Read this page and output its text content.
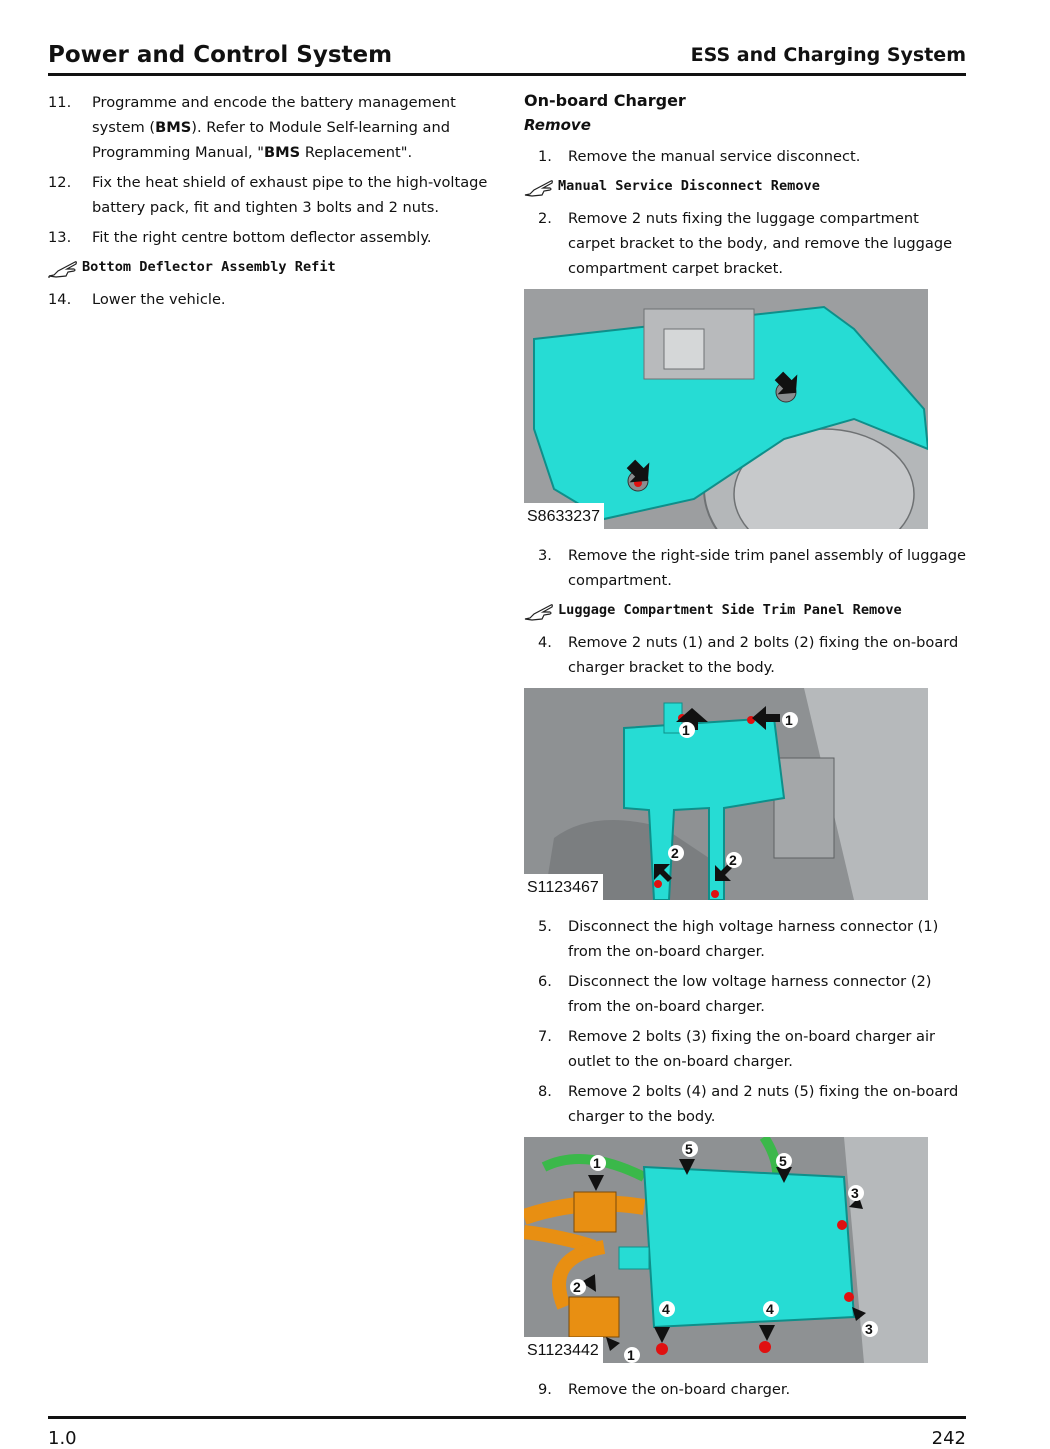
Power and Control System	ESS and Charging System
11.	Programme and encode the battery management system (BMS). Refer to Module Self-learning and Programming Manual, "BMS Replacement".
12.	Fix the heat shield of exhaust pipe to the high-voltage battery pack, fit and tighten 3 bolts and 2 nuts.
13.	Fit the right centre bottom deflector assembly.
Bottom Deflector Assembly Refit
14.	Lower the vehicle.
On-board Charger
Remove
1.	Remove the manual service disconnect.
Manual Service Disconnect Remove
2.	Remove 2 nuts fixing the luggage compartment carpet bracket to the body, and remove the luggage compartment carpet bracket.
S8633237
3.	Remove the right-side trim panel assembly of luggage compartment.
Luggage Compartment Side Trim Panel Remove
4.	Remove 2 nuts (1) and 2 bolts (2) fixing the on-board charger bracket to the body.
1
1
2	2
S1123467
5.	Disconnect the high voltage harness connector (1) from the on-board charger.
6.	Disconnect the low voltage harness connector (2) from the on-board charger.
7.	Remove 2 bolts (3) fixing the on-board charger air outlet to the on-board charger.
8.	Remove 2 bolts (4) and 2 nuts (5) fixing the on-board charger to the body.
1
5
5
3
2
4	4
3
1
S1123442
9.	Remove the on-board charger.
1.0	242
